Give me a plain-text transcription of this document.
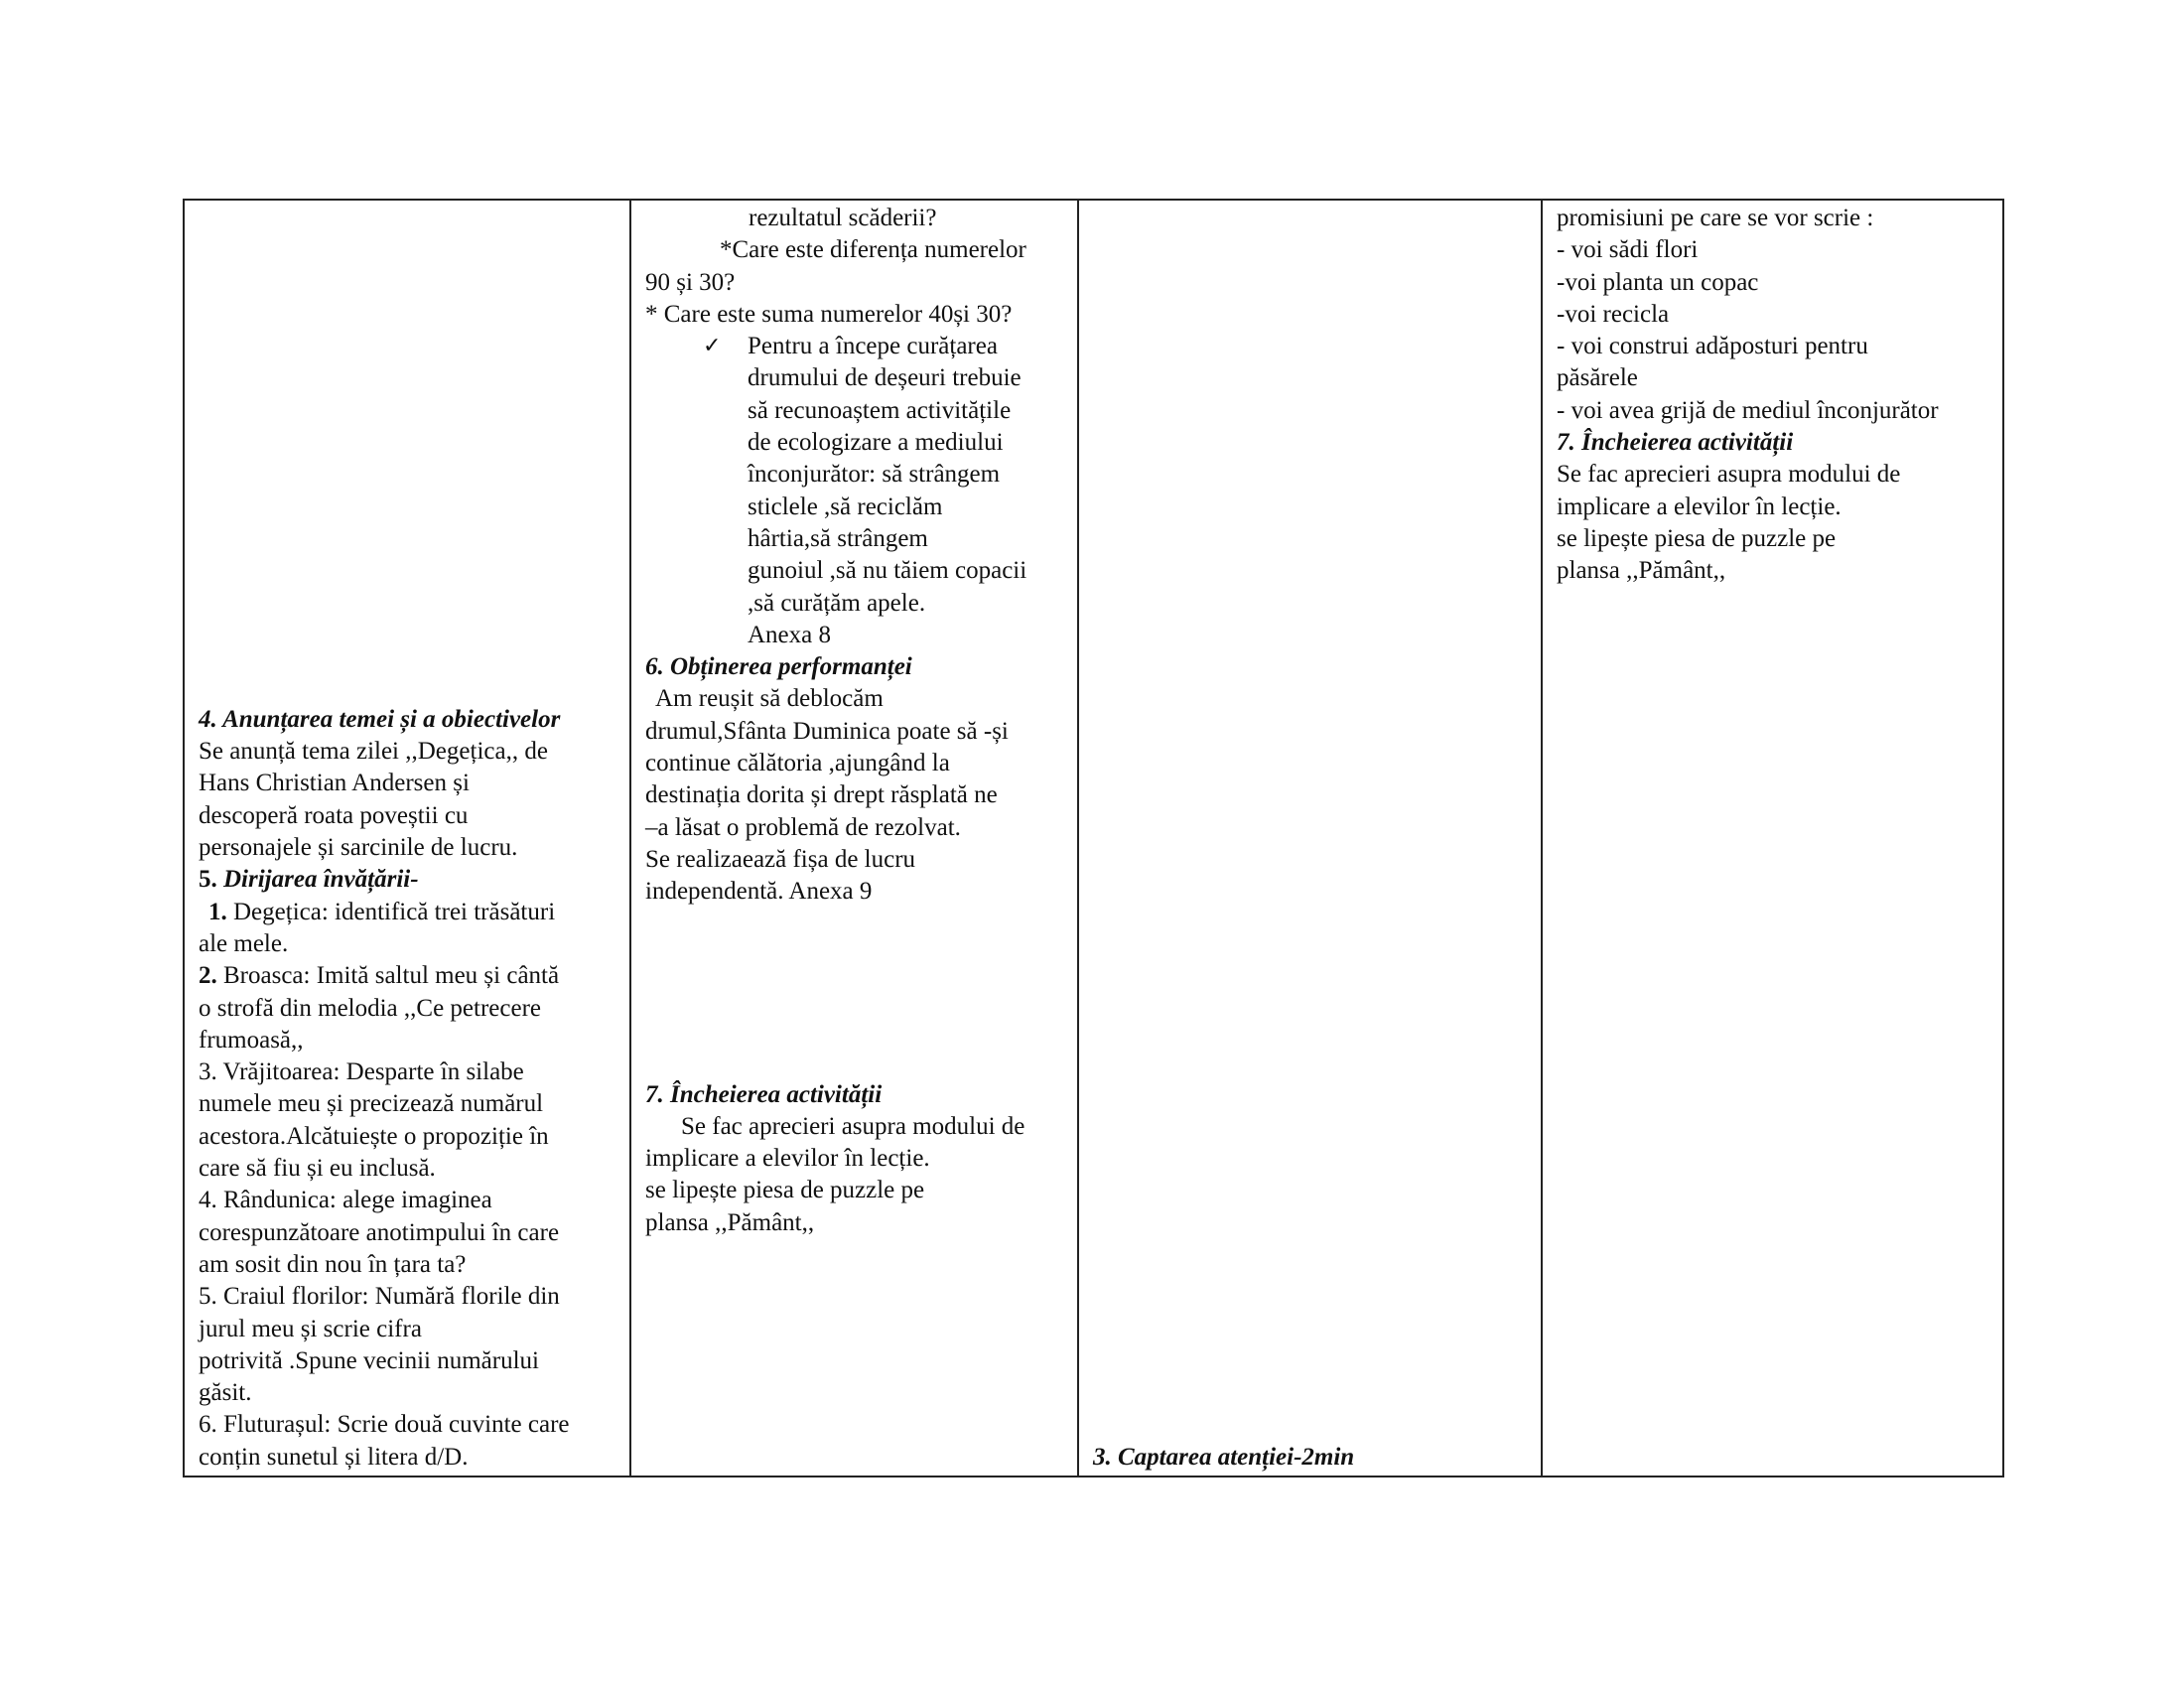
4. Anunțarea temei și a obiectivelor
Se anunță tema zilei ,,Degețica,, de
Hans Christian Andersen și
descoperă roata poveștii cu
personajele și sarcinile de lucru.
5. Dirijarea învățării-
1. Degețica: identifică trei trăsături
ale mele.
2. Broasca: Imită saltul meu și cântă
o strofă din melodia ,,Ce petrecere
frumoasă,,
3. Vrăjitoarea: Desparte în silabe
numele meu și precizează numărul
acestora.Alcătuiește o propoziție în
care să fiu și eu inclusă.
4. Rândunica: alege imaginea
corespunzătoare anotimpului în care
am sosit din nou în țara ta?
5. Craiul florilor: Numără florile din
jurul meu și scrie cifra
potrivită .Spune vecinii numărului
găsit.
6. Fluturașul: Scrie două cuvinte care
conțin sunetul și litera d/D.

rezultatul scăderii?
*Care este diferența numerelor
90 și 30?
* Care este suma numerelor 40și 30?
✓	Pentru a începe curățarea
drumului de deșeuri trebuie
să recunoaștem activitățile
de ecologizare a mediului
înconjurător: să strângem
sticlele ,să reciclăm
hârtia,să strângem
gunoiul ,să nu tăiem copacii
,să curățăm apele.
Anexa 8
6. Obținerea performanței
Am reușit să deblocăm
drumul,Sfânta Duminica poate să -și
continue călătoria ,ajungând la
destinația dorita și drept răsplată ne
–a lăsat o problemă de rezolvat.
Se realizaează fișa de lucru
independentă. Anexa 9
7. Încheierea activității
Se fac aprecieri asupra modului de
implicare a elevilor în lecție.
se lipește piesa de puzzle pe
plansa ,,Pământ,,

3. Captarea atenției-2min

promisiuni pe care se vor scrie :
- voi sădi flori
-voi planta un copac
-voi recicla
- voi construi adăposturi pentru
păsărele
- voi avea grijă de mediul înconjurător
7. Încheierea activității
Se fac aprecieri asupra modului de
implicare a elevilor în lecție.
se lipește piesa de puzzle pe
plansa ,,Pământ,,
